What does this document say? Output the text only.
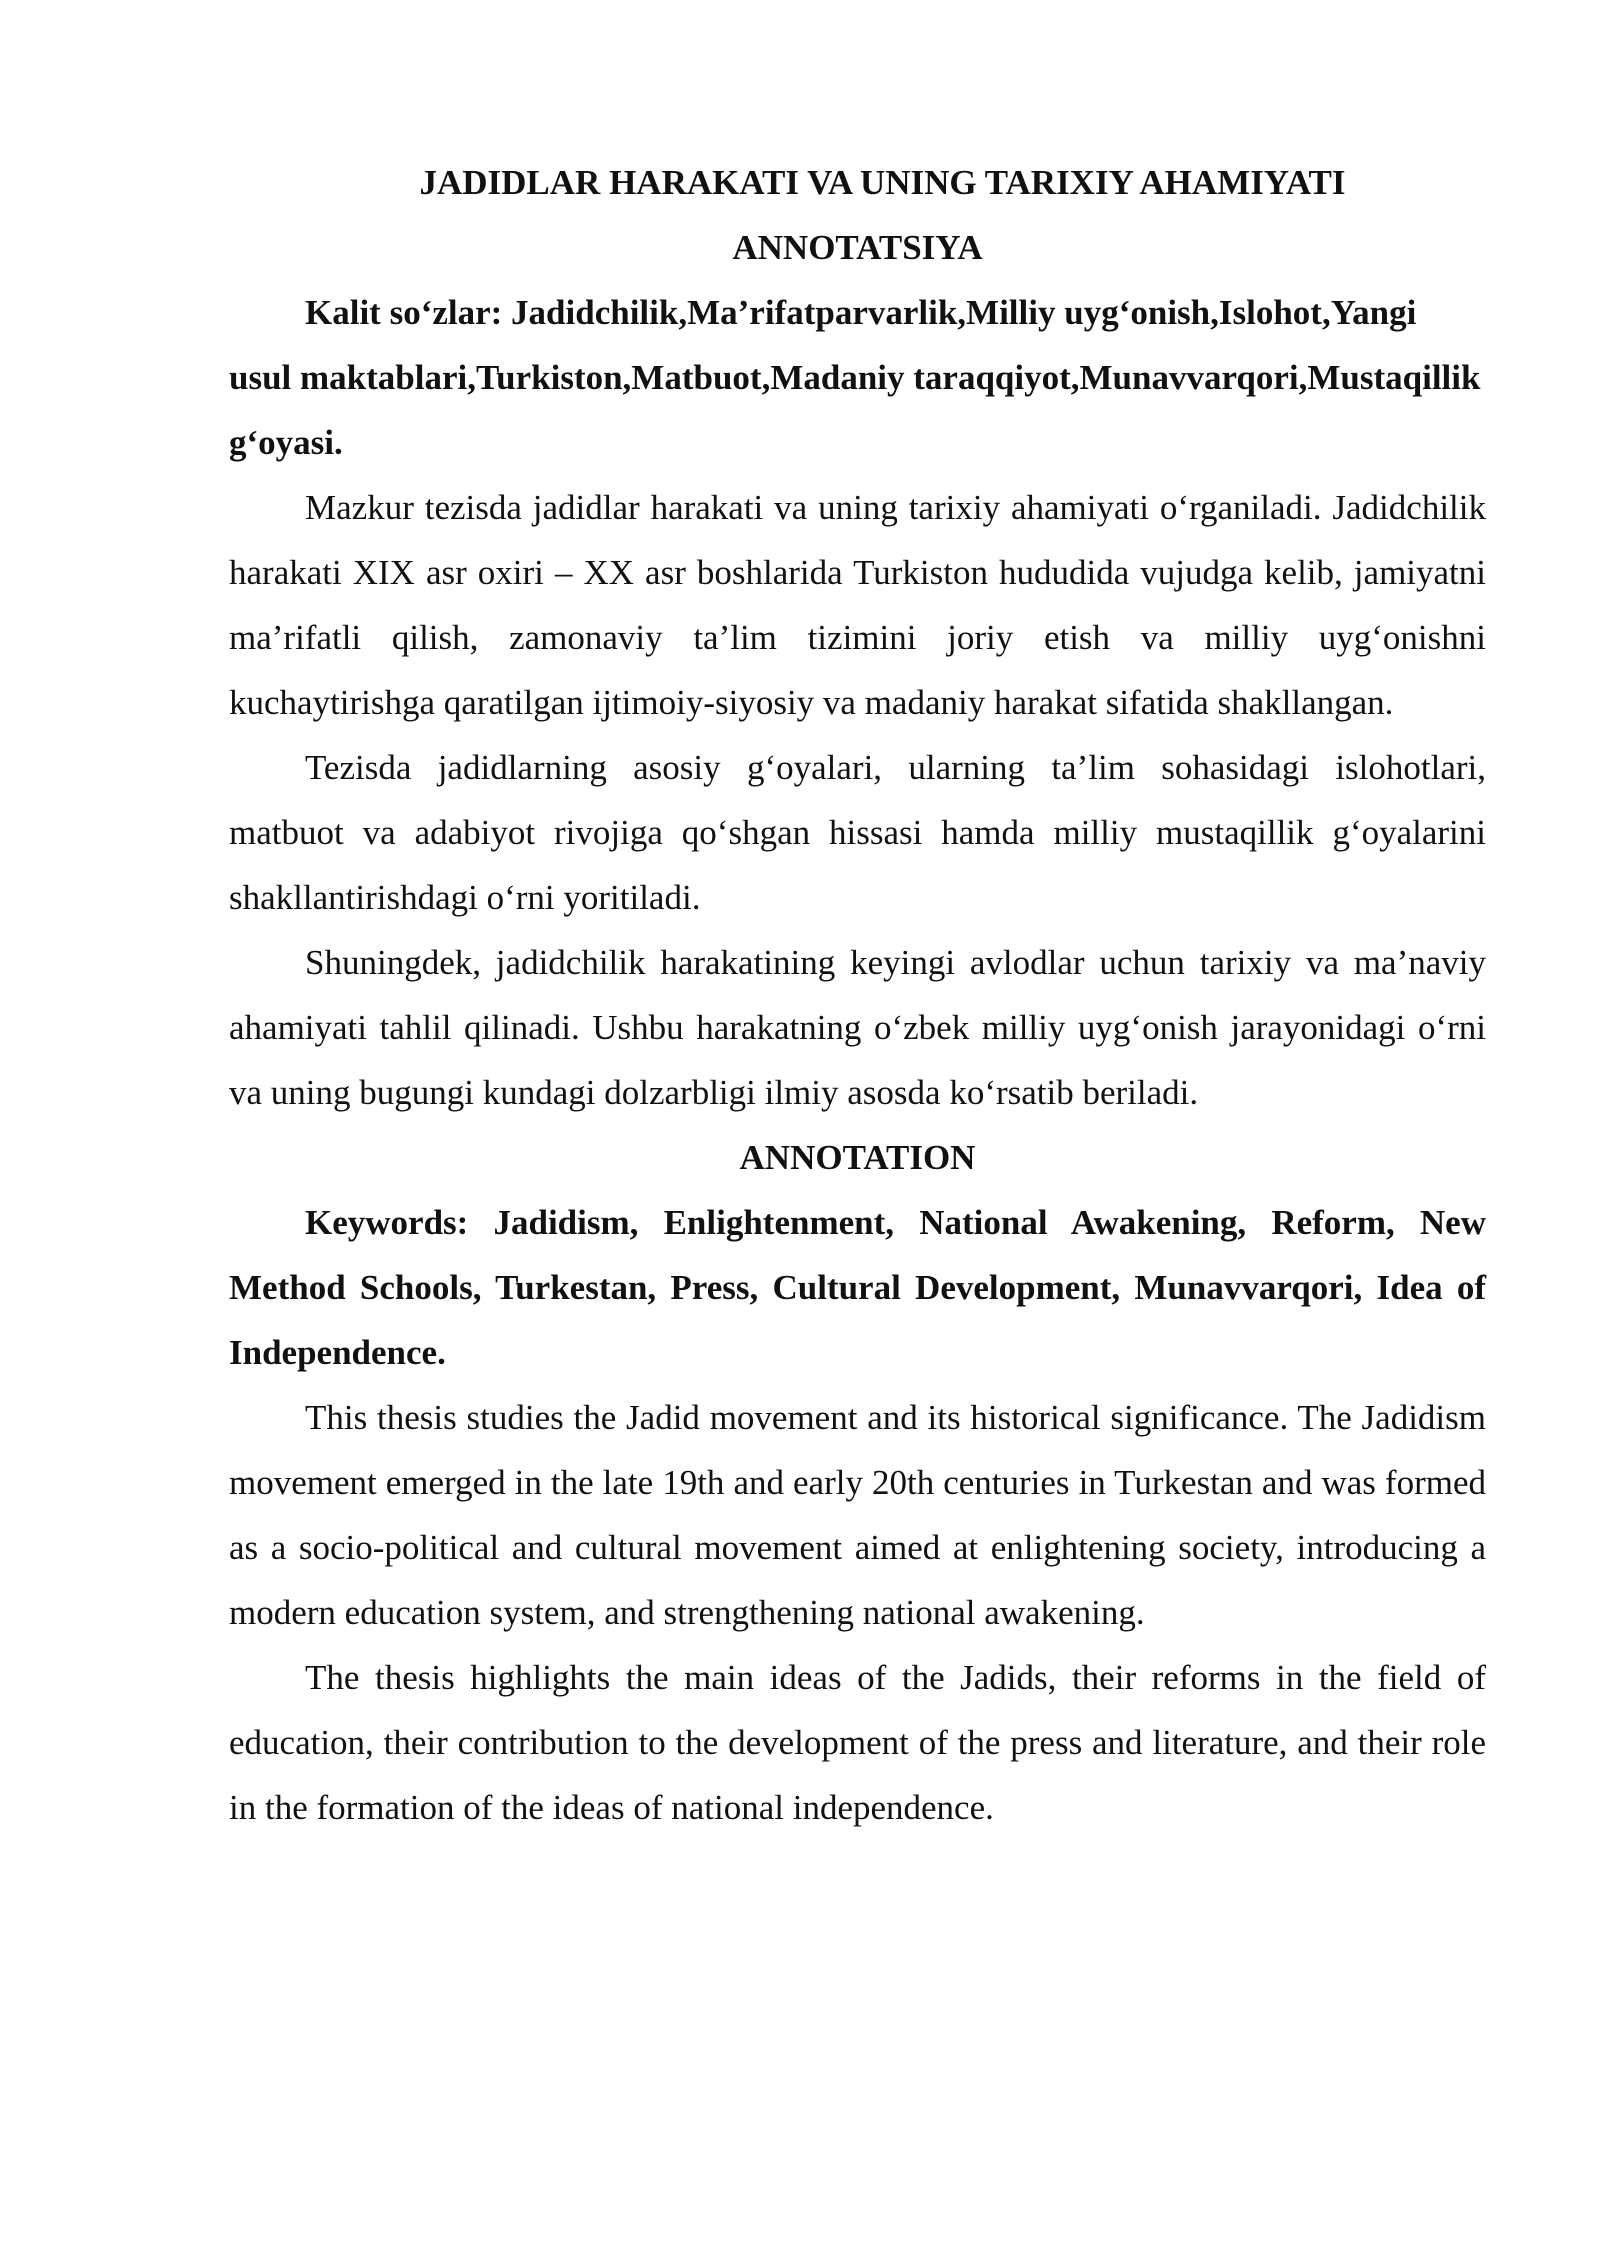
JADIDLAR HARAKATI VA UNING TARIXIY AHAMIYATI
ANNOTATSIYA

Kalit so‘zlar: Jadidchilik,Ma’rifatparvarlik,Milliy uyg‘onish,Islohot,Yangi usul maktablari,Turkiston,Matbuot,Madaniy taraqqiyot,Munavvarqori,Mustaqillik g‘oyasi.

Mazkur tezisda jadidlar harakati va uning tarixiy ahamiyati o‘rganiladi. Jadidchilik harakati XIX asr oxiri – XX asr boshlarida Turkiston hududida vujudga kelib, jamiyatni ma’rifatli qilish, zamonaviy ta’lim tizimini joriy etish va milliy uyg‘onishni kuchaytirishga qaratilgan ijtimoiy-siyosiy va madaniy harakat sifatida shakllangan.

Tezisda jadidlarning asosiy g‘oyalari, ularning ta’lim sohasidagi islohotlari, matbuot va adabiyot rivojiga qo‘shgan hissasi hamda milliy mustaqillik g‘oyalarini shakllantirishdagi o‘rni yoritiladi.

Shuningdek, jadidchilik harakatining keyingi avlodlar uchun tarixiy va ma’naviy ahamiyati tahlil qilinadi. Ushbu harakatning o‘zbek milliy uyg‘onish jarayonidagi o‘rni va uning bugungi kundagi dolzarbligi ilmiy asosda ko‘rsatib beriladi.

ANNOTATION

Keywords: Jadidism, Enlightenment, National Awakening, Reform, New Method Schools, Turkestan, Press, Cultural Development, Munavvarqori, Idea of Independence.

This thesis studies the Jadid movement and its historical significance. The Jadidism movement emerged in the late 19th and early 20th centuries in Turkestan and was formed as a socio-political and cultural movement aimed at enlightening society, introducing a modern education system, and strengthening national awakening.

The thesis highlights the main ideas of the Jadids, their reforms in the field of education, their contribution to the development of the press and literature, and their role in the formation of the ideas of national independence.
